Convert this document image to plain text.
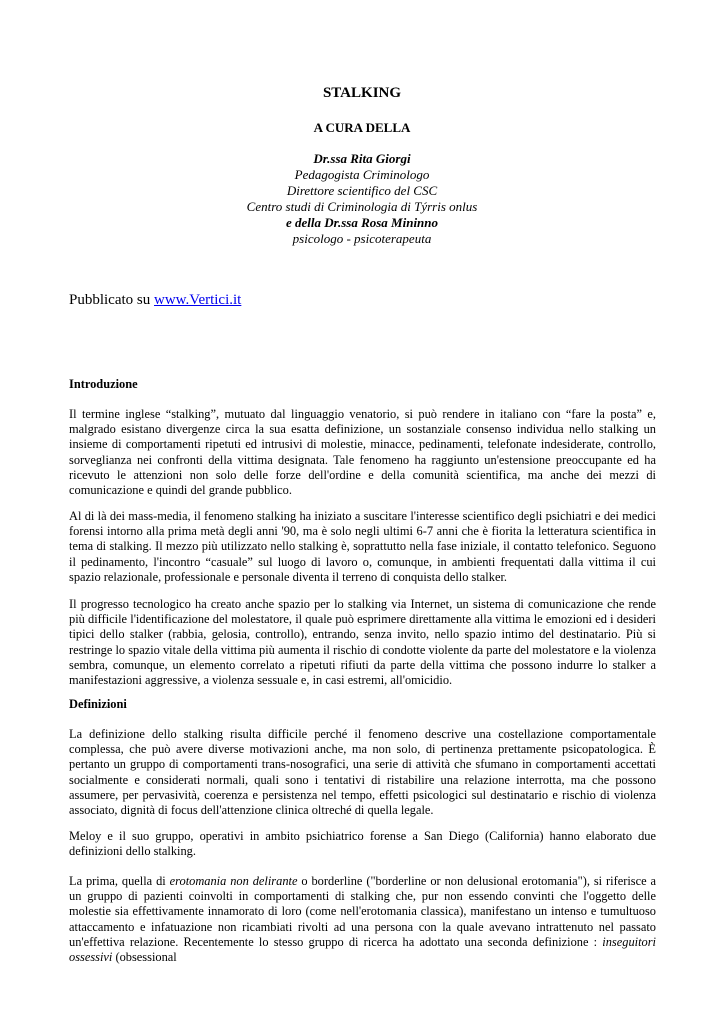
STALKING
A CURA DELLA
Dr.ssa Rita Giorgi
Pedagogista Criminologo
Direttore scientifico del CSC
Centro studi di Criminologia di Týrris onlus
e della Dr.ssa Rosa Mininno
psicologo - psicoterapeuta
Pubblicato su www.Vertici.it
Introduzione

Il termine inglese “stalking”, mutuato dal linguaggio venatorio, si può rendere in italiano con “fare la posta” e, malgrado esistano divergenze circa la sua esatta definizione, un sostanziale consenso individua nello stalking un insieme di comportamenti ripetuti ed intrusivi di molestie, minacce, pedinamenti, telefonate indesiderate, controllo, sorveglianza nei confronti della vittima designata. Tale fenomeno ha raggiunto un'estensione preoccupante ed ha ricevuto le attenzioni non solo delle forze dell'ordine e della comunità scientifica, ma anche dei mezzi di comunicazione e quindi del grande pubblico.

Al di là dei mass-media, il fenomeno stalking ha iniziato a suscitare l'interesse scientifico degli psichiatri e dei medici forensi intorno alla prima metà degli anni '90, ma è solo negli ultimi 6-7 anni che è fiorita la letteratura scientifica in tema di stalking. Il mezzo più utilizzato nello stalking è, soprattutto nella fase iniziale, il contatto telefonico. Seguono il pedinamento, l'incontro “casuale” sul luogo di lavoro o, comunque, in ambienti frequentati dalla vittima il cui spazio relazionale, professionale e personale diventa il terreno di conquista dello stalker.

Il progresso tecnologico ha creato anche spazio per lo stalking via Internet, un sistema di comunicazione che rende più difficile l'identificazione del molestatore, il quale può esprimere direttamente alla vittima le emozioni ed i desideri tipici dello stalker (rabbia, gelosia, controllo), entrando, senza invito, nello spazio intimo del destinatario. Più si restringe lo spazio vitale della vittima più aumenta il rischio di condotte violente da parte del molestatore e la violenza sembra, comunque, un elemento correlato a ripetuti rifiuti da parte della vittima che possono indurre lo stalker a manifestazioni aggressive, a violenza sessuale e, in casi estremi, all'omicidio.

Definizioni

La definizione dello stalking risulta difficile perché il fenomeno descrive una costellazione comportamentale complessa, che può avere diverse motivazioni anche, ma non solo, di pertinenza prettamente psicopatologica. È pertanto un gruppo di comportamenti trans-nosografici, una serie di attività che sfumano in comportamenti accettati socialmente e considerati normali, quali sono i tentativi di ristabilire una relazione interrotta, ma che possono assumere, per pervasività, coerenza e persistenza nel tempo, effetti psicologici sul destinatario e rischio di violenza associato, dignità di focus dell'attenzione clinica oltreché di quella legale.

Meloy e il suo gruppo, operativi in ambito psichiatrico forense a San Diego (California) hanno elaborato due definizioni dello stalking.

La prima, quella di erotomania non delirante o borderline ("borderline or non delusional erotomania"), si riferisce a un gruppo di pazienti coinvolti in comportamenti di stalking che, pur non essendo convinti che l'oggetto delle molestie sia effettivamente innamorato di loro (come nell'erotomania classica), manifestano un intenso e tumultuoso attaccamento e infatuazione non ricambiati rivolti ad una persona con la quale avevano intrattenuto nel passato un'effettiva relazione. Recentemente lo stesso gruppo di ricerca ha adottato una seconda definizione : inseguitori ossessivi (obsessional
